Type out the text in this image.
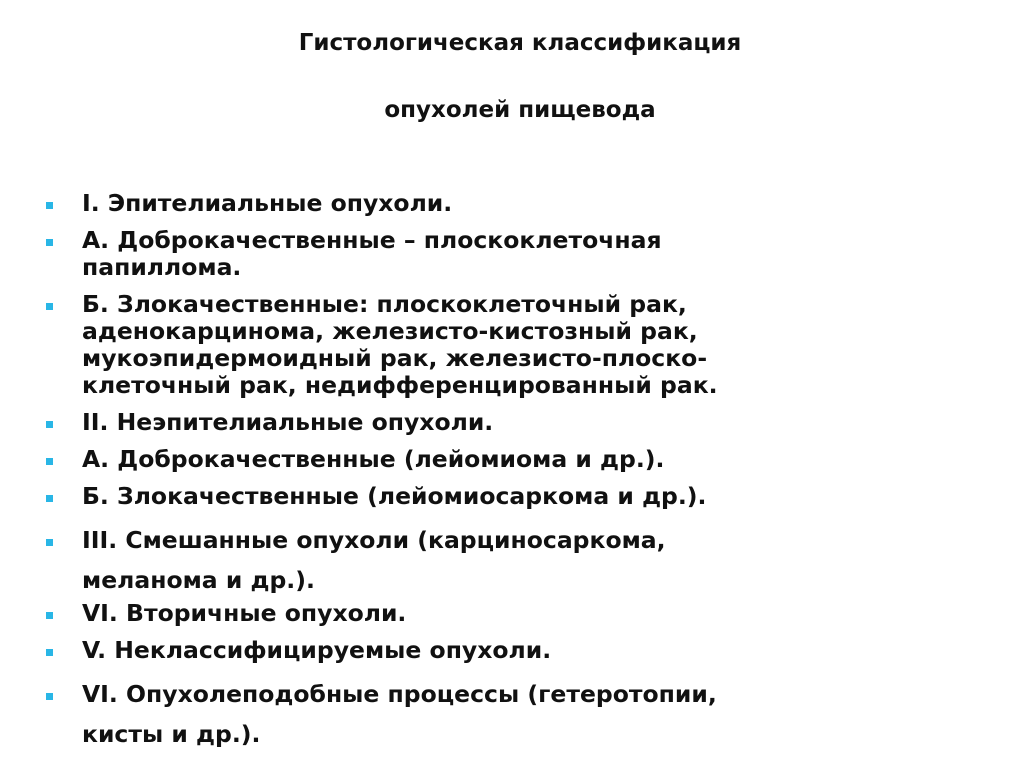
Гистологическая классификация
опухолей пищевода
I. Эпителиальные опухоли.
А. Доброкачественные – плоскоклеточная
папиллома.
Б. Злокачественные: плоскоклеточный рак,
аденокарцинома, железисто-кистозный рак,
мукоэпидермоидный рак, железисто-плоско-
клеточный рак, недифференцированный рак.
II. Неэпителиальные опухоли.
А. Доброкачественные (лейомиома и др.).
Б. Злокачественные (лейомиосаркома и др.).
III. Смешанные опухоли (карциносаркома,
меланома и др.).
VI. Вторичные опухоли.
V. Неклассифицируемые опухоли.
VI. Опухолеподобные процессы (гетеротопии,
кисты и др.).
